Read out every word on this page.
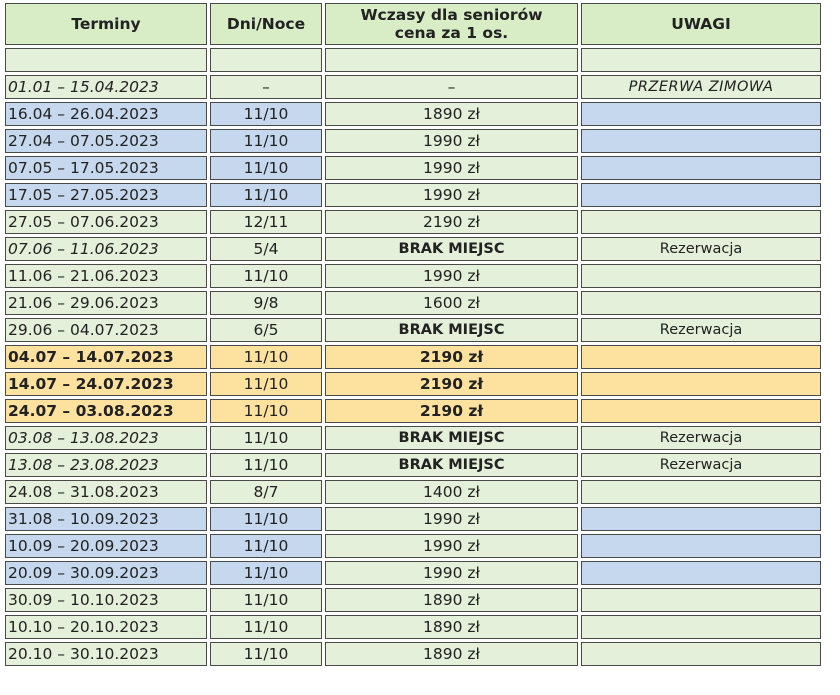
Terminy	Dni/Noce	Wczasy dla seniorów
cena za 1 os.	UWAGI

01.01 – 15.04.2023	–	–	PRZERWA ZIMOWA
16.04 – 26.04.2023	11/10	1890 zł	
27.04 – 07.05.2023	11/10	1990 zł	
07.05 – 17.05.2023	11/10	1990 zł	
17.05 – 27.05.2023	11/10	1990 zł	
27.05 – 07.06.2023	12/11	2190 zł	
07.06 – 11.06.2023	5/4	BRAK MIEJSC	Rezerwacja
11.06 – 21.06.2023	11/10	1990 zł	
21.06 – 29.06.2023	9/8	1600 zł	
29.06 – 04.07.2023	6/5	BRAK MIEJSC	Rezerwacja
04.07 – 14.07.2023	11/10	2190 zł	
14.07 – 24.07.2023	11/10	2190 zł	
24.07 – 03.08.2023	11/10	2190 zł	
03.08 – 13.08.2023	11/10	BRAK MIEJSC	Rezerwacja
13.08 – 23.08.2023	11/10	BRAK MIEJSC	Rezerwacja
24.08 – 31.08.2023	8/7	1400 zł	
31.08 – 10.09.2023	11/10	1990 zł	
10.09 – 20.09.2023	11/10	1990 zł	
20.09 – 30.09.2023	11/10	1990 zł	
30.09 – 10.10.2023	11/10	1890 zł	
10.10 – 20.10.2023	11/10	1890 zł	
20.10 – 30.10.2023	11/10	1890 zł	
